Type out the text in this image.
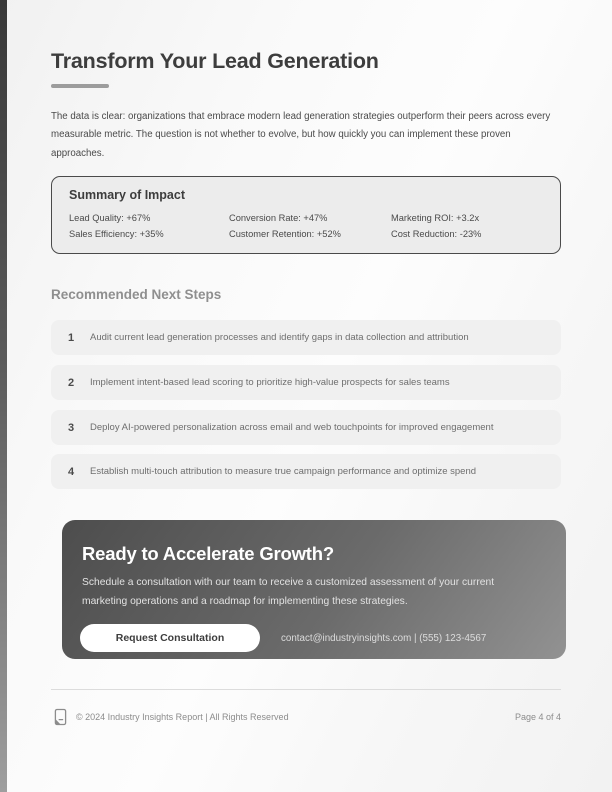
Transform Your Lead Generation

The data is clear: organizations that embrace modern lead generation strategies outperform their peers across every measurable metric. The question is not whether to evolve, but how quickly you can implement these proven approaches.

Summary of Impact
Lead Quality: +67%	Conversion Rate: +47%	Marketing ROI: +3.2x
Sales Efficiency: +35%	Customer Retention: +52%	Cost Reduction: -23%
Recommended Next Steps
1	Audit current lead generation processes and identify gaps in data collection and attribution
2	Implement intent-based lead scoring to prioritize high-value prospects for sales teams
3	Deploy AI-powered personalization across email and web touchpoints for improved engagement
4	Establish multi-touch attribution to measure true campaign performance and optimize spend
Ready to Accelerate Growth?

Schedule a consultation with our team to receive a customized assessment of your current marketing operations and a roadmap for implementing these strategies.

Request Consultation	contact@industryinsights.com | (555) 123-4567
© 2024 Industry Insights Report | All Rights Reserved	Page 4 of 4
